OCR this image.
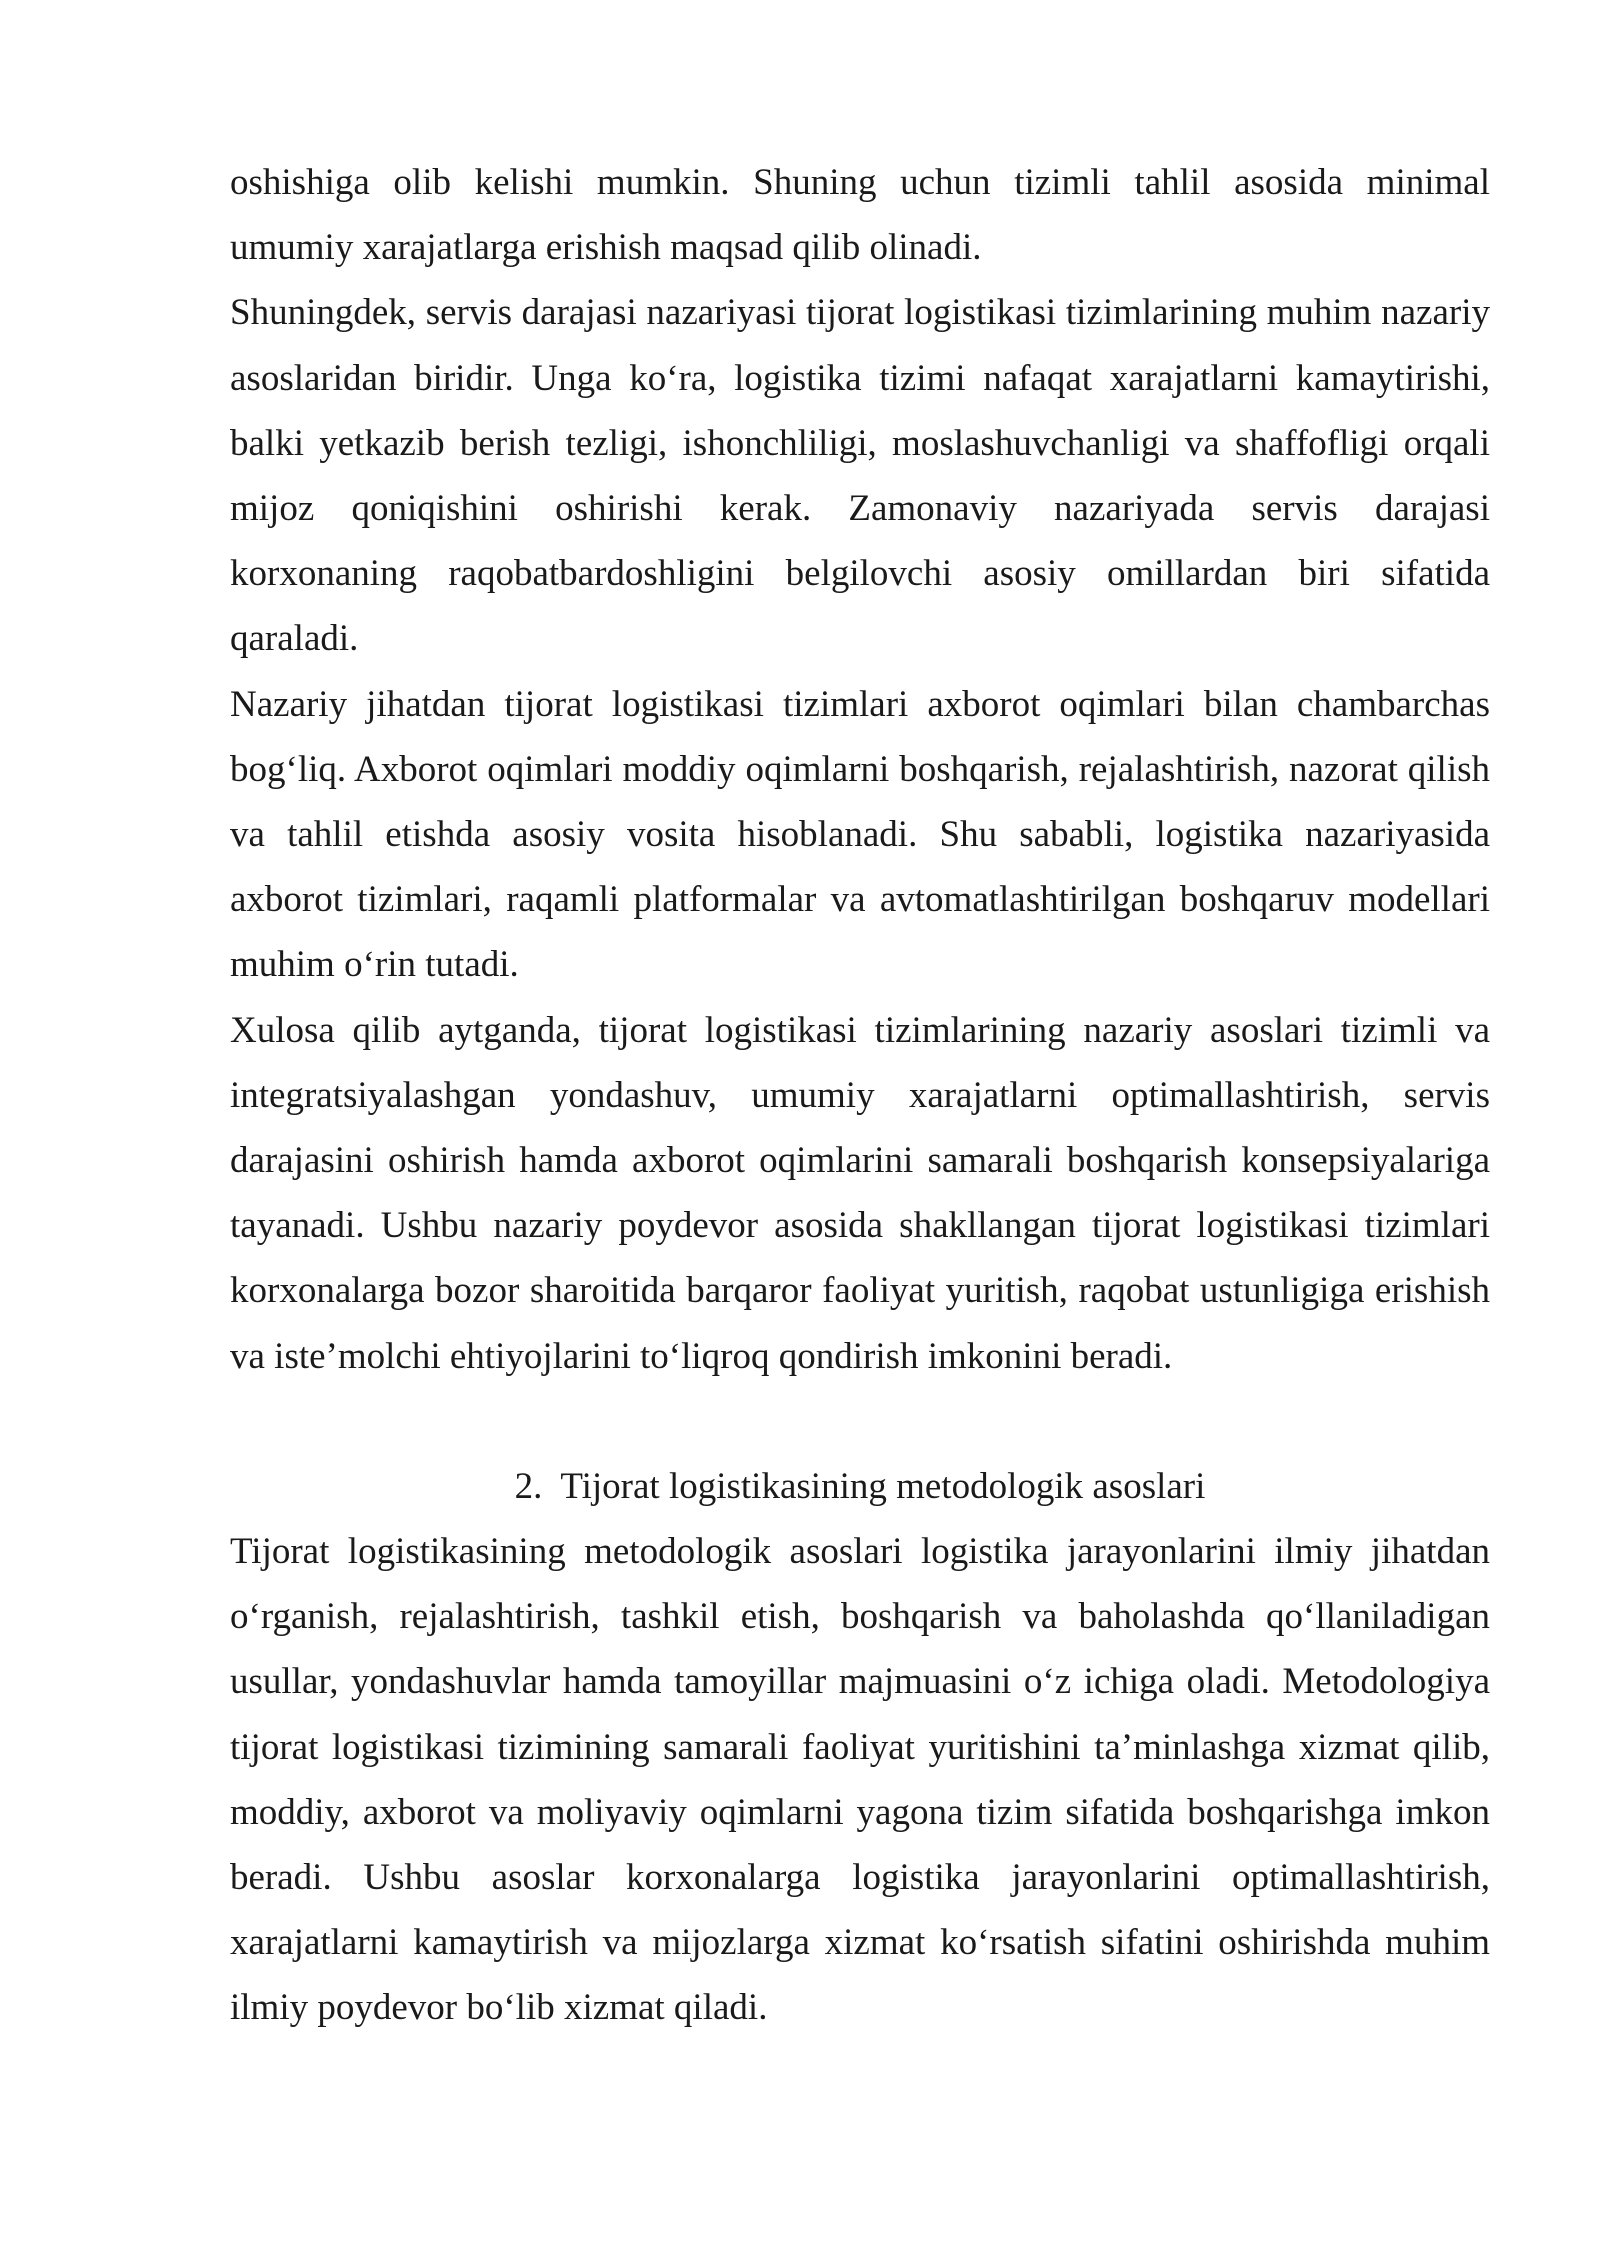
oshishiga olib kelishi mumkin. Shuning uchun tizimli tahlil asosida minimal umumiy xarajatlarga erishish maqsad qilib olinadi.

Shuningdek, servis darajasi nazariyasi tijorat logistikasi tizimlarining muhim nazariy asoslaridan biridir. Unga ko‘ra, logistika tizimi nafaqat xarajatlarni kamaytirishi, balki yetkazib berish tezligi, ishonchliligi, moslashuvchanligi va shaffofligi orqali mijoz qoniqishini oshirishi kerak. Zamonaviy nazariyada servis darajasi korxonaning raqobatbardoshligini belgilovchi asosiy omillardan biri sifatida qaraladi.

Nazariy jihatdan tijorat logistikasi tizimlari axborot oqimlari bilan chambarchas bog‘liq. Axborot oqimlari moddiy oqimlarni boshqarish, rejalashtirish, nazorat qilish va tahlil etishda asosiy vosita hisoblanadi. Shu sababli, logistika nazariyasida axborot tizimlari, raqamli platformalar va avtomatlashtirilgan boshqaruv modellari muhim o‘rin tutadi.

Xulosa qilib aytganda, tijorat logistikasi tizimlarining nazariy asoslari tizimli va integratsiyalashgan yondashuv, umumiy xarajatlarni optimallashtirish, servis darajasini oshirish hamda axborot oqimlarini samarali boshqarish konsepsiyalariga tayanadi. Ushbu nazariy poydevor asosida shakllangan tijorat logistikasi tizimlari korxonalarga bozor sharoitida barqaror faoliyat yuritish, raqobat ustunligiga erishish va iste’molchi ehtiyojlarini to‘liqroq qondirish imkonini beradi.

2. Tijorat logistikasining metodologik asoslari

Tijorat logistikasining metodologik asoslari logistika jarayonlarini ilmiy jihatdan o‘rganish, rejalashtirish, tashkil etish, boshqarish va baholashda qo‘llaniladigan usullar, yondashuvlar hamda tamoyillar majmuasini o‘z ichiga oladi. Metodologiya tijorat logistikasi tizimining samarali faoliyat yuritishini ta’minlashga xizmat qilib, moddiy, axborot va moliyaviy oqimlarni yagona tizim sifatida boshqarishga imkon beradi. Ushbu asoslar korxonalarga logistika jarayonlarini optimallashtirish, xarajatlarni kamaytirish va mijozlarga xizmat ko‘rsatish sifatini oshirishda muhim ilmiy poydevor bo‘lib xizmat qiladi.
